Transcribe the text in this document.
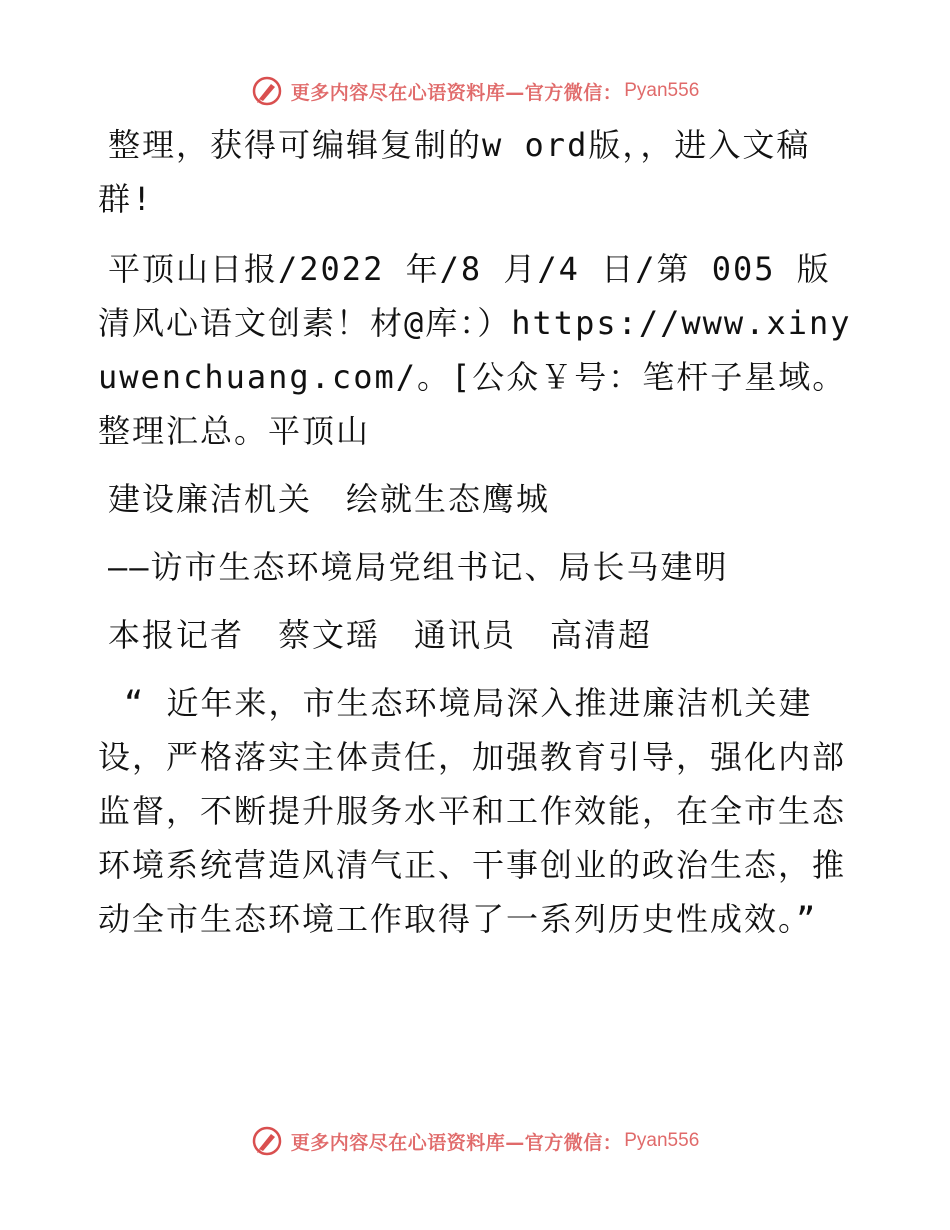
更多内容尽在心语资料库—官方微信： Pyan556

整理，获得可编辑复制的w ord版，，进入文稿群!

平顶山日报/2022 年/8 月/4 日/第 005 版清风心语文创素！材@库：）https://www.xinyuwenchuang.com/。[公众￥号：笔杆子星域。整理汇总。平顶山

建设廉洁机关　绘就生态鹰城

——访市生态环境局党组书记、局长马建明

本报记者　蔡文瑶　通讯员　高清超

“ 近年来，市生态环境局深入推进廉洁机关建设，严格落实主体责任，加强教育引导，强化内部监督，不断提升服务水平和工作效能，在全市生态环境系统营造风清气正、干事创业的政治生态，推动全市生态环境工作取得了一系列历史性成效。”

更多内容尽在心语资料库—官方微信： Pyan556
